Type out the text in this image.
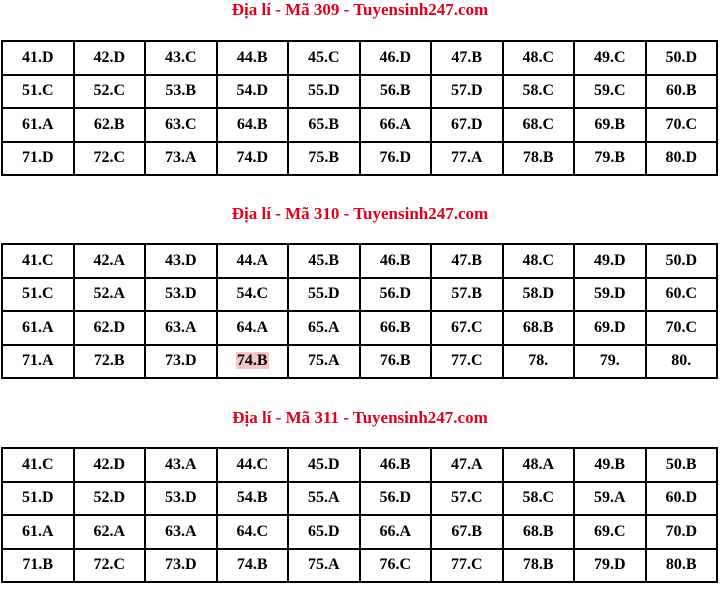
Địa lí - Mã 309 - Tuyensinh247.com
41.D	42.D	43.C	44.B	45.C	46.D	47.B	48.C	49.C	50.D
51.C	52.C	53.B	54.D	55.D	56.B	57.D	58.C	59.C	60.B
61.A	62.B	63.C	64.B	65.B	66.A	67.D	68.C	69.B	70.C
71.D	72.C	73.A	74.D	75.B	76.D	77.A	78.B	79.B	80.D
Địa lí - Mã 310 - Tuyensinh247.com
41.C	42.A	43.D	44.A	45.B	46.B	47.B	48.C	49.D	50.D
51.C	52.A	53.D	54.C	55.D	56.D	57.B	58.D	59.D	60.C
61.A	62.D	63.A	64.A	65.A	66.B	67.C	68.B	69.D	70.C
71.A	72.B	73.D	74.B	75.A	76.B	77.C	78.	79.	80.
Địa lí - Mã 311 - Tuyensinh247.com
41.C	42.D	43.A	44.C	45.D	46.B	47.A	48.A	49.B	50.B
51.D	52.D	53.D	54.B	55.A	56.D	57.C	58.C	59.A	60.D
61.A	62.A	63.A	64.C	65.D	66.A	67.B	68.B	69.C	70.D
71.B	72.C	73.D	74.B	75.A	76.C	77.C	78.B	79.D	80.B
